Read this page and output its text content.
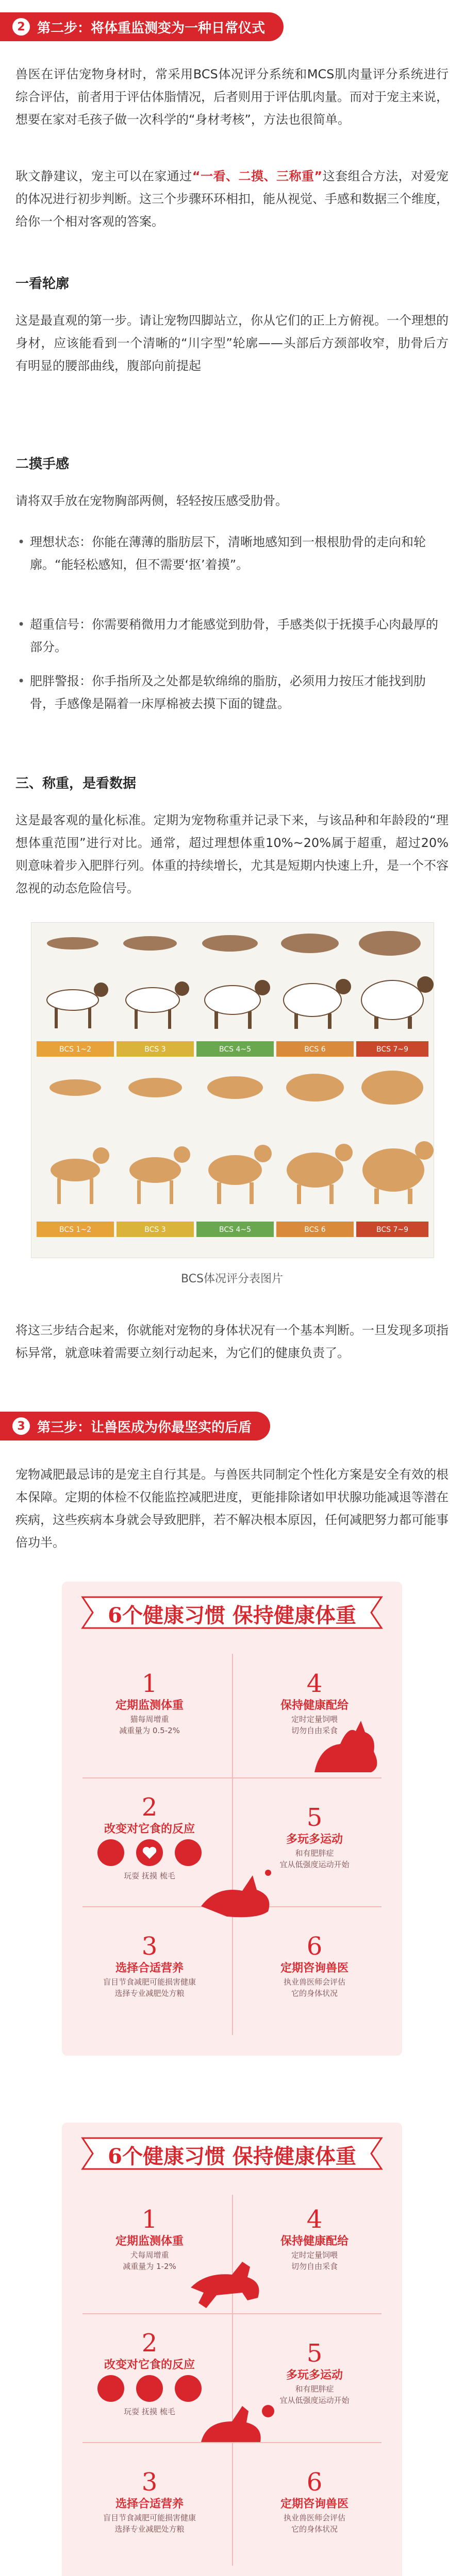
2 第二步：将体重监测变为一种日常仪式

兽医在评估宠物身材时，常采用BCS体况评分系统和MCS肌肉量评分系统进行综合评估，前者用于评估体脂情况，后者则用于评估肌肉量。而对于宠主来说，想要在家对毛孩子做一次科学的“身材考核”，方法也很简单。

耿文静建议，宠主可以在家通过“一看、二摸、三称重”这套组合方法，对爱宠的体况进行初步判断。这三个步骤环环相扣，能从视觉、手感和数据三个维度，给你一个相对客观的答案。

一看轮廓

这是最直观的第一步。请让宠物四脚站立，你从它们的正上方俯视。一个理想的身材，应该能看到一个清晰的“川字型”轮廓——头部后方颈部收窄，肋骨后方有明显的腰部曲线，腹部向前提起

二摸手感

请将双手放在宠物胸部两侧，轻轻按压感受肋骨。

• 理想状态：你能在薄薄的脂肪层下，清晰地感知到一根根肋骨的走向和轮廓。“能轻松感知，但不需要‘抠’着摸”。

• 超重信号：你需要稍微用力才能感觉到肋骨，手感类似于抚摸手心肉最厚的部分。

• 肥胖警报：你手指所及之处都是软绵绵的脂肪，必须用力按压才能找到肋骨，手感像是隔着一床厚棉被去摸下面的键盘。

三、称重，是看数据

这是最客观的量化标准。定期为宠物称重并记录下来，与该品种和年龄段的“理想体重范围”进行对比。通常，超过理想体重10%~20%属于超重，超过20%则意味着步入肥胖行列。体重的持续增长，尤其是短期内快速上升，是一个不容忽视的动态危险信号。

BCS 1~2	BCS 3	BCS 4~5	BCS 6	BCS 7~9
BCS 1~2	BCS 3	BCS 4~5	BCS 6	BCS 7~9
BCS体况评分表图片

将这三步结合起来，你就能对宠物的身体状况有一个基本判断。一旦发现多项指标异常，就意味着需要立刻行动起来，为它们的健康负责了。

3 第三步：让兽医成为你最坚实的后盾

宠物减肥最忌讳的是宠主自行其是。与兽医共同制定个性化方案是安全有效的根本保障。定期的体检不仅能监控减肥进度，更能排除诸如甲状腺功能减退等潜在疾病，这些疾病本身就会导致肥胖，若不解决根本原因，任何减肥努力都可能事倍功半。

6个健康习惯 保持健康体重
1
定期监测体重
猫每周增重
减重量为 0.5-2%
4
保持健康配给
定时定量饲喂
切勿自由采食
2
改变对它食的反应
玩耍 抚摸 梳毛
5
多玩多运动
和有肥胖症
宜从低强度运动开始
3
选择合适营养
盲目节食减肥可能损害健康
选择专业减肥处方粮
6
定期咨询兽医
执业兽医师会评估
它的身体状况
6个健康习惯 保持健康体重
1
定期监测体重
犬每周增重
减重量为 1-2%
4
保持健康配给
定时定量饲喂
切勿自由采食
2
改变对它食的反应
玩耍 抚摸 梳毛
5
多玩多运动
和有肥胖症
宜从低强度运动开始
3
选择合适营养
盲目节食减肥可能损害健康
选择专业减肥处方粮
6
定期咨询兽医
执业兽医师会评估
它的身体状况
